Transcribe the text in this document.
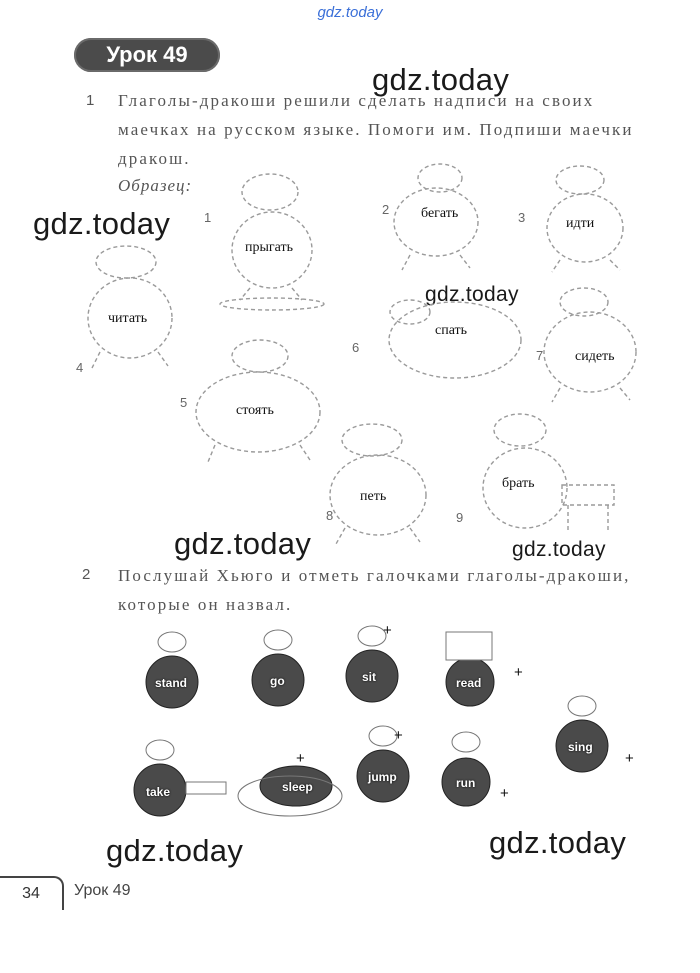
gdz.today
Урок 49
gdz.today
gdz.today
gdz.today
gdz.today	gdz.today
gdz.today	gdz.today
1 Глаголы-дракоши решили сделать надписи на своих маечках на русском языке. Помоги им. Подпиши маечки дракош.
Образец:
1
прыгать
2 бегать	3	идти
4
читать
5
стоять
6
спать
7 сидеть
8
петь
9
брать
2 Послушай Хьюго и отметь галочками глаголы-дракоши, которые он назвал.
stand	go	sit	read
sing
take	sleep
jump	run
+
+
+
+
+
+
34	Урок 49
